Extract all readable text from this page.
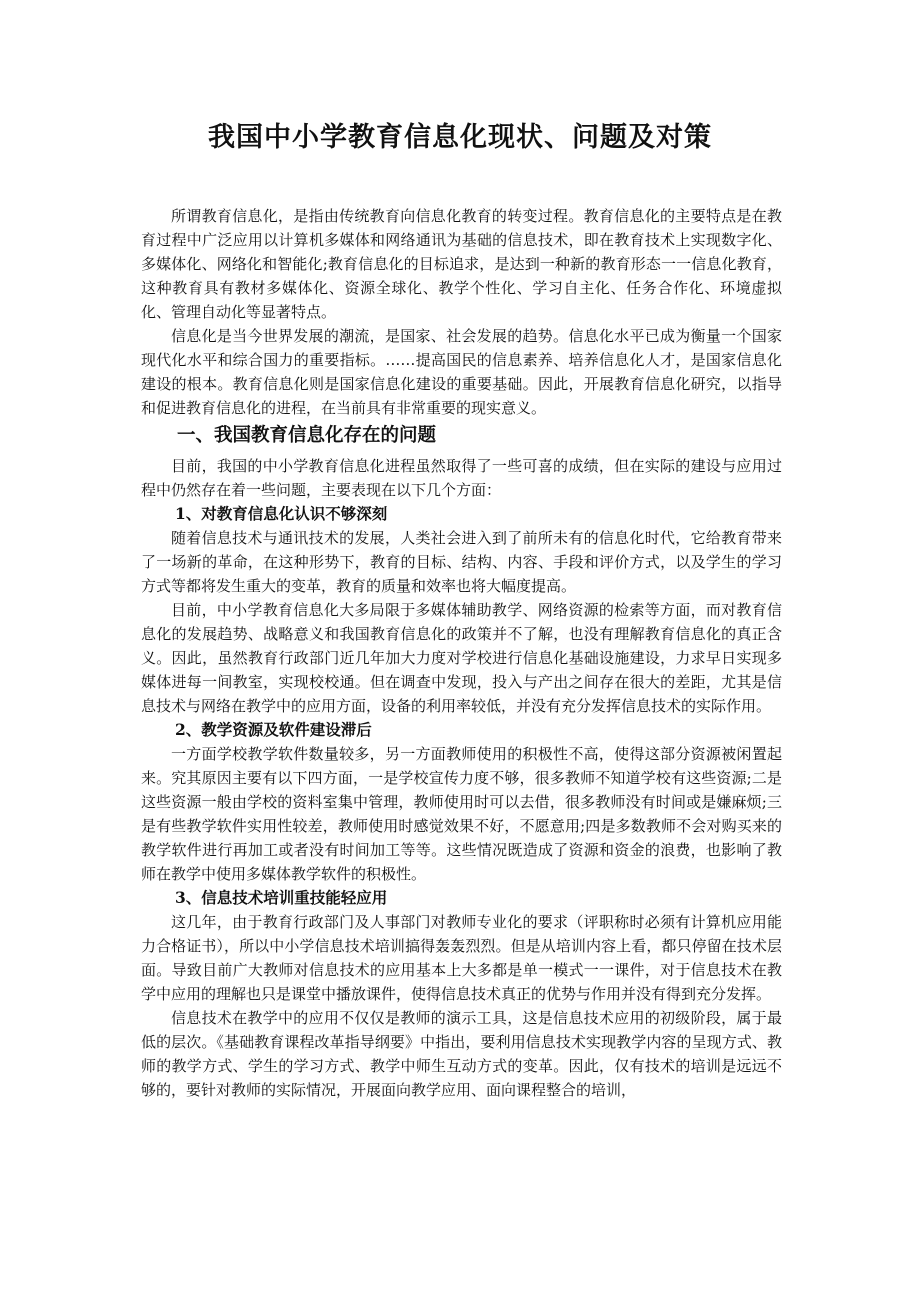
我国中小学教育信息化现状、问题及对策

所谓教育信息化，是指由传统教育向信息化教育的转变过程。教育信息化的主要特点是在教育过程中广泛应用以计算机多媒体和网络通讯为基础的信息技术，即在教育技术上实现数字化、多媒体化、网络化和智能化;教育信息化的目标追求，是达到一种新的教育形态一一信息化教育，这种教育具有教材多媒体化、资源全球化、教学个性化、学习自主化、任务合作化、环境虚拟化、管理自动化等显著特点。

信息化是当今世界发展的潮流，是国家、社会发展的趋势。信息化水平已成为衡量一个国家现代化水平和综合国力的重要指标。……提高国民的信息素养、培养信息化人才，是国家信息化建设的根本。教育信息化则是国家信息化建设的重要基础。因此，开展教育信息化研究，以指导和促进教育信息化的进程，在当前具有非常重要的现实意义。

一、我国教育信息化存在的问题

目前，我国的中小学教育信息化进程虽然取得了一些可喜的成绩，但在实际的建设与应用过程中仍然存在着一些问题，主要表现在以下几个方面：

1、对教育信息化认识不够深刻

随着信息技术与通讯技术的发展，人类社会进入到了前所未有的信息化时代，它给教育带来了一场新的革命，在这种形势下，教育的目标、结构、内容、手段和评价方式，以及学生的学习方式等都将发生重大的变革，教育的质量和效率也将大幅度提高。

目前，中小学教育信息化大多局限于多媒体辅助教学、网络资源的检索等方面，而对教育信息化的发展趋势、战略意义和我国教育信息化的政策并不了解，也没有理解教育信息化的真正含义。因此，虽然教育行政部门近几年加大力度对学校进行信息化基础设施建设，力求早日实现多媒体进每一间教室，实现校校通。但在调查中发现，投入与产出之间存在很大的差距，尤其是信息技术与网络在教学中的应用方面，设备的利用率较低，并没有充分发挥信息技术的实际作用。

2、教学资源及软件建设滞后

一方面学校教学软件数量较多，另一方面教师使用的积极性不高，使得这部分资源被闲置起来。究其原因主要有以下四方面，一是学校宣传力度不够，很多教师不知道学校有这些资源;二是这些资源一般由学校的资料室集中管理，教师使用时可以去借，很多教师没有时间或是嫌麻烦;三是有些教学软件实用性较差，教师使用时感觉效果不好，不愿意用;四是多数教师不会对购买来的教学软件进行再加工或者没有时间加工等等。这些情况既造成了资源和资金的浪费，也影响了教师在教学中使用多媒体教学软件的积极性。

3、信息技术培训重技能轻应用

这几年，由于教育行政部门及人事部门对教师专业化的要求（评职称时必须有计算机应用能力合格证书），所以中小学信息技术培训搞得轰轰烈烈。但是从培训内容上看，都只停留在技术层面。导致目前广大教师对信息技术的应用基本上大多都是单一模式一一课件，对于信息技术在教学中应用的理解也只是课堂中播放课件，使得信息技术真正的优势与作用并没有得到充分发挥。

信息技术在教学中的应用不仅仅是教师的演示工具，这是信息技术应用的初级阶段，属于最低的层次。《基础教育课程改革指导纲要》中指出，要利用信息技术实现教学内容的呈现方式、教师的教学方式、学生的学习方式、教学中师生互动方式的变革。因此，仅有技术的培训是远远不够的，要针对教师的实际情况，开展面向教学应用、面向课程整合的培训，
